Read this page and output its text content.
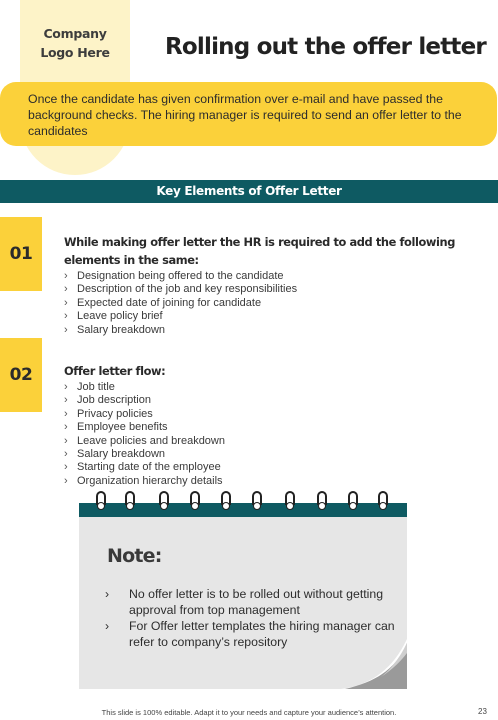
Company
Logo Here	Rolling out the offer letter
Once the candidate has given confirmation over e-mail and have passed the background checks. The hiring manager is required to send an offer letter to the candidates
Key Elements of Offer Letter
01
While making offer letter the HR is required to add the following elements in the same:
› Designation being offered to the candidate
› Description of the job and key responsibilities
› Expected date of joining for candidate
› Leave policy brief
› Salary breakdown
02	Offer letter flow:
› Job title
› Job description
› Privacy policies
› Employee benefits
› Leave policies and breakdown
› Salary breakdown
› Starting date of the employee
› Organization hierarchy details
Note:
› No offer letter is to be rolled out without getting approval from top management
› For Offer letter templates the hiring manager can refer to company’s repository
This slide is 100% editable. Adapt it to your needs and capture your audience’s attention.	23
